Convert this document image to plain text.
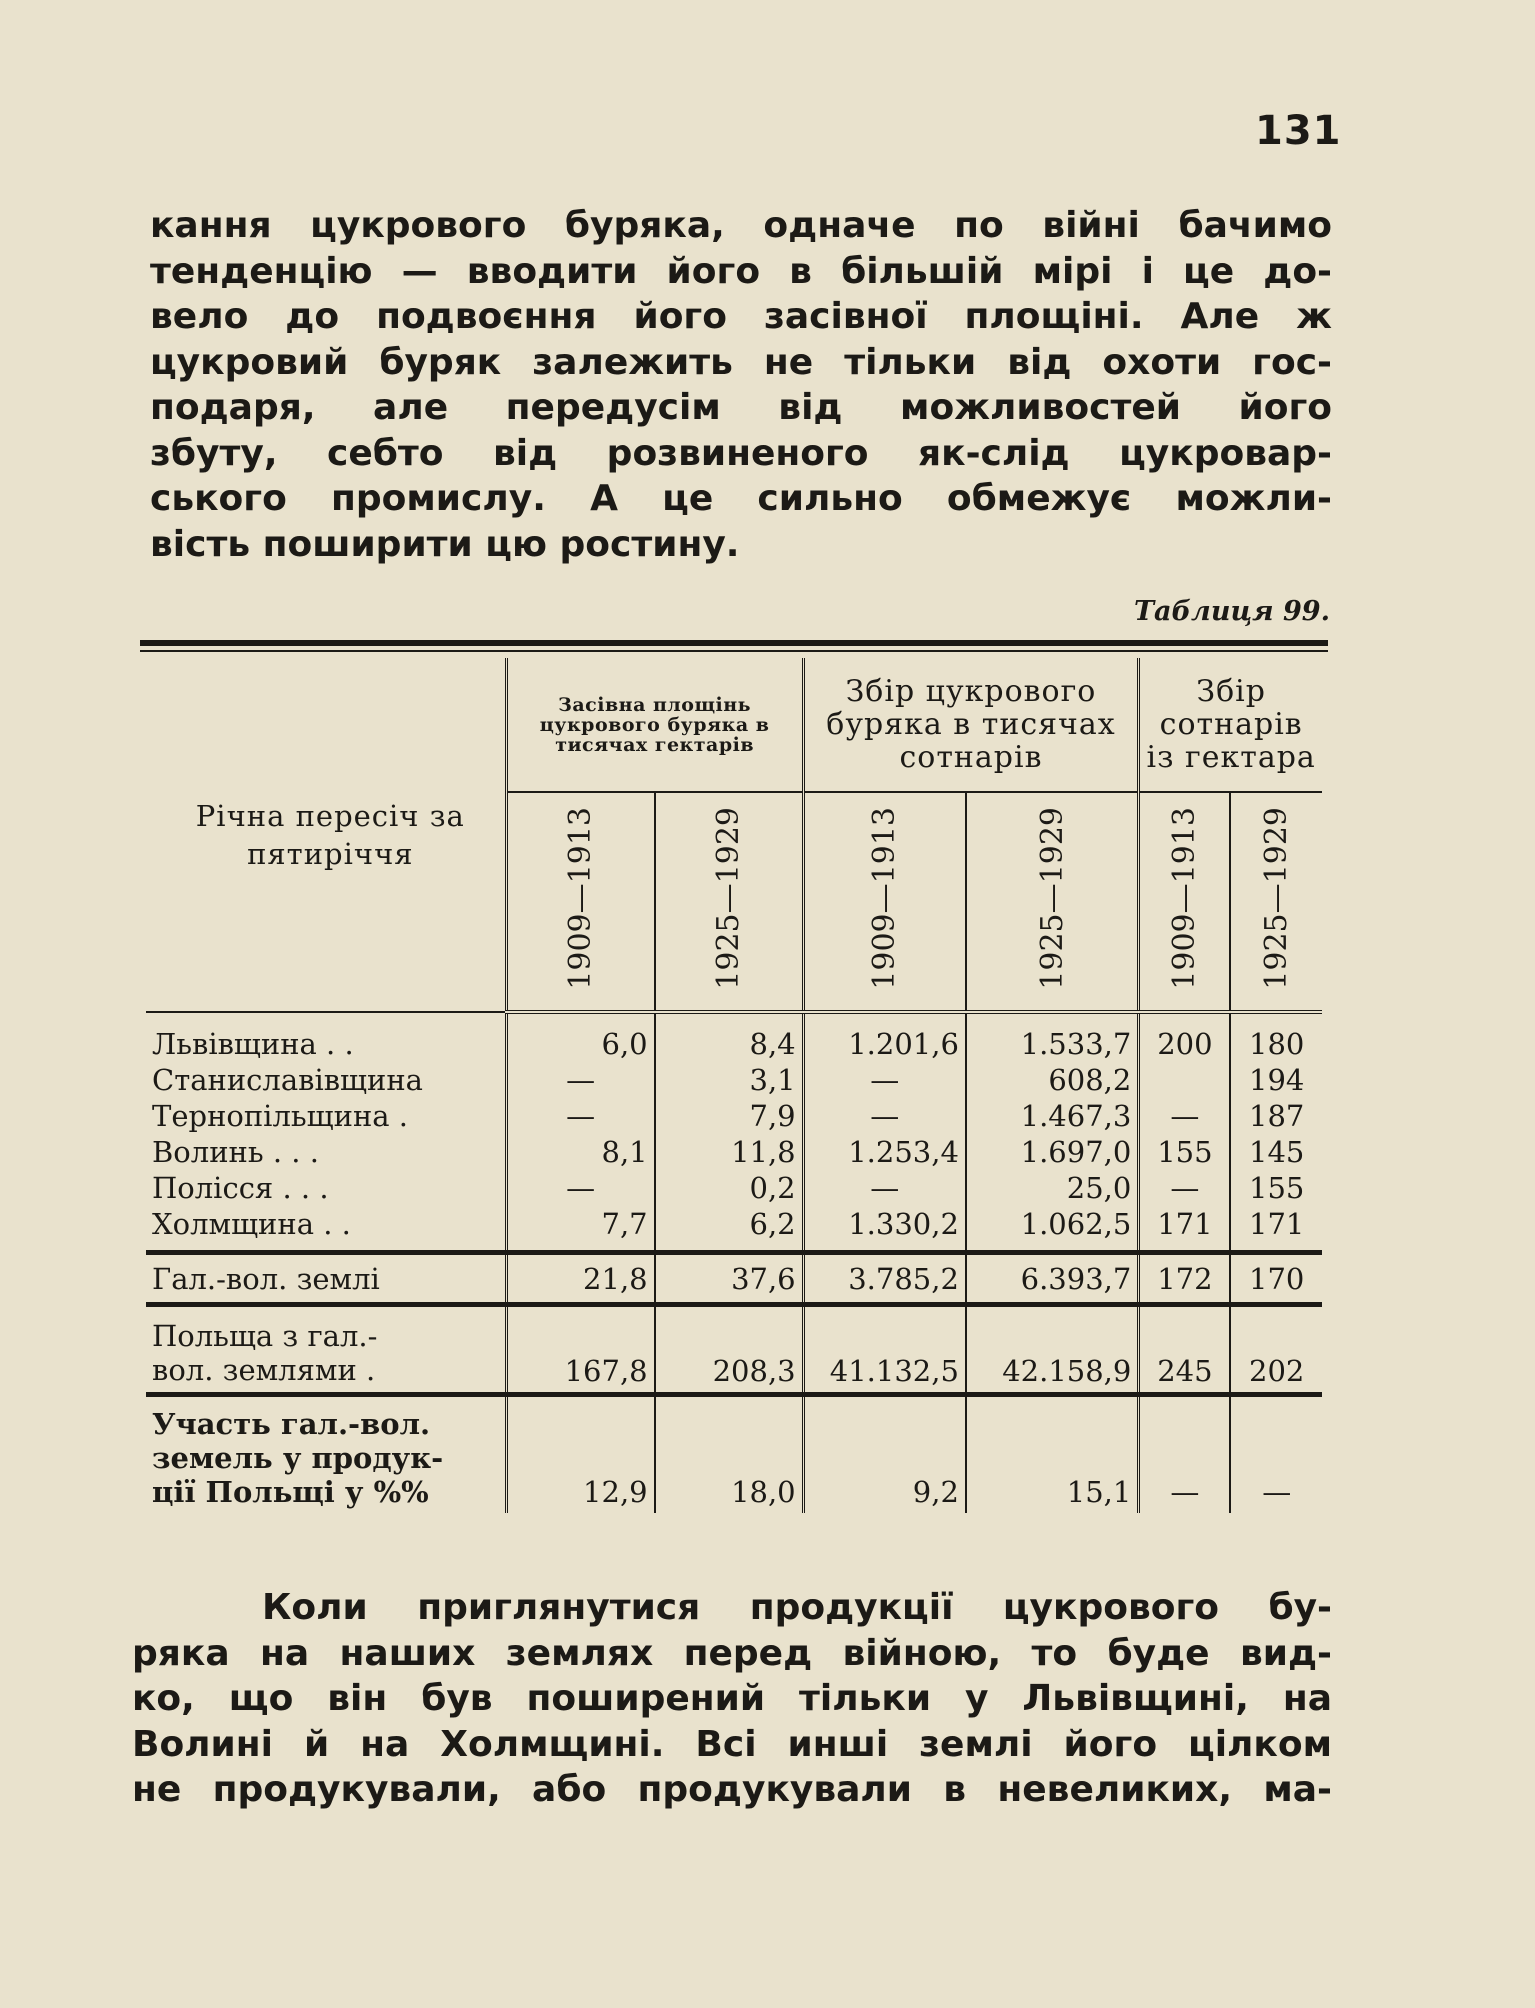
131
кання цукрового буряка, одначе по війні бачимо
тенденцію — вводити його в більшій мірі і це до-
вело до подвоєння його засівної площіні. Але ж
цукровий буряк залежить не тільки від охоти гос-
подаря, але передусім від можливостей його
збуту, себто від розвиненого як-слід цукровар-
ського промислу. А це сильно обмежує можли-
вість поширити цю ростину.
Таблиця 99.
Річна пересіч за пятиріччя	Засівна площінь цукрового буряка в тисячах гектарів		Збір цукрового буряка в тисячах сотнарів		Збір сотнарів із гектара	

	1909—1913	1925—1929	1909—1913	1925—1929	1909—1913	1925—1929
Львівщина . .	6,0	8,4	1.201,6	1.533,7	200	180
Станиславівщина	—	3,1	—	608,2		194
Тернопільщина .	—	7,9	—	1.467,3	—	187
Волинь . . .	8,1	11,8	1.253,4	1.697,0	155	145
Полісся . . .	—	0,2	—	25,0	—	155
Холмщина . .	7,7	6,2	1.330,2	1.062,5	171	171
Гал.-вол. землі	21,8	37,6	3.785,2	6.393,7	172	170

Польща з гал.-
вол. землями .	167,8	208,3	41.132,5	42.158,9	245	202

Участь гал.-вол.
земель у продук-
ції Польщі у %%	12,9	18,0	9,2	15,1	—	—
Коли приглянутися продукції цукрового бу-
ряка на наших землях перед війною, то буде вид-
ко, що він був поширений тільки у Львівщині, на
Волині й на Холмщині. Всі инші землі його цілком
не продукували, або продукували в невеликих, ма-
